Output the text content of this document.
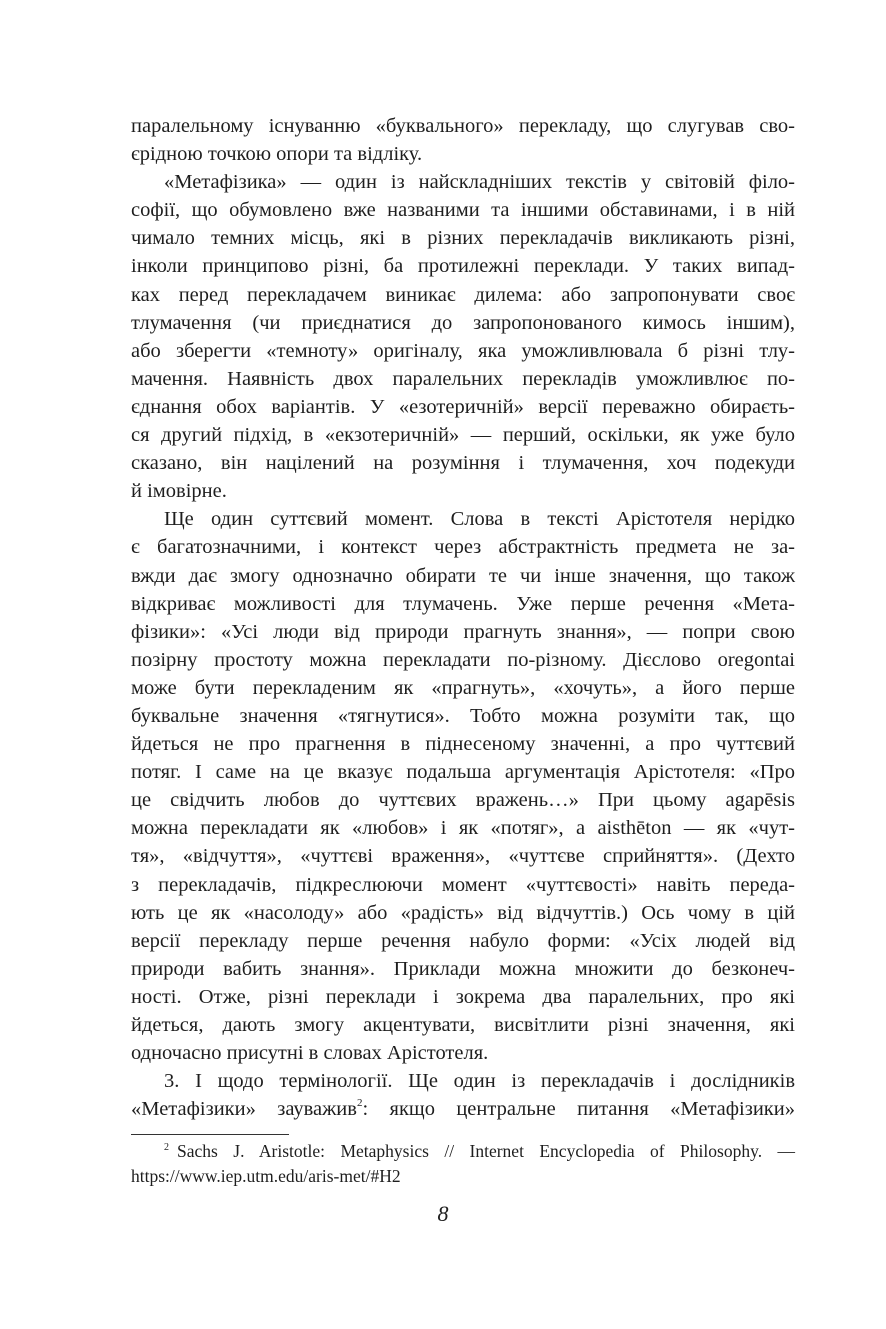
паралельному існуванню «буквального» перекладу, що слугував сво-
єрідною точкою опори та відліку.
«Метафізика» — один із найскладніших текстів у світовій філо-
софії, що обумовлено вже названими та іншими обставинами, і в ній
чимало темних місць, які в різних перекладачів викликають різні,
інколи принципово різні, ба протилежні переклади. У таких випад-
ках перед перекладачем виникає дилема: або запропонувати своє
тлумачення (чи приєднатися до запропонованого кимось іншим),
або зберегти «темноту» оригіналу, яка уможливлювала б різні тлу-
мачення. Наявність двох паралельних перекладів уможливлює по-
єднання обох варіантів. У «езотеричній» версії переважно обираєть-
ся другий підхід, в «екзотеричній» — перший, оскільки, як уже було
сказано, він націлений на розуміння і тлумачення, хоч подекуди
й імовірне.
Ще один суттєвий момент. Слова в тексті Арістотеля нерідко
є багатозначними, і контекст через абстрактність предмета не за-
вжди дає змогу однозначно обирати те чи інше значення, що також
відкриває можливості для тлумачень. Уже перше речення «Мета-
фізики»: «Усі люди від природи прагнуть знання», — попри свою
позірну простоту можна перекладати по-різному. Дієслово oregontai
може бути перекладеним як «прагнуть», «хочуть», а його перше
буквальне значення «тягнутися». Тобто можна розуміти так, що
йдеться не про прагнення в піднесеному значенні, а про чуттєвий
потяг. І саме на це вказує подальша аргументація Арістотеля: «Про
це свідчить любов до чуттєвих вражень…» При цьому agapēsis
можна перекладати як «любов» і як «потяг», а aisthēton — як «чут-
тя», «відчуття», «чуттєві враження», «чуттєве сприйняття». (Дехто
з перекладачів, підкреслюючи момент «чуттєвості» навіть переда-
ють це як «насолоду» або «радість» від відчуттів.) Ось чому в цій
версії перекладу перше речення набуло форми: «Усіх людей від
природи вабить знання». Приклади можна множити до безконеч-
ності. Отже, різні переклади і зокрема два паралельних, про які
йдеться, дають змогу акцентувати, висвітлити різні значення, які
одночасно присутні в словах Арістотеля.
3. І щодо термінології. Ще один із перекладачів і дослідників
«Метафізики» зауважив$^2$: якщо центральне питання «Метафізики»
$^2$ Sachs J. Aristotle: Metaphysics // Internet Encyclopedia of Philosophy. —
https://www.iep.utm.edu/aris-met/#H2
8
